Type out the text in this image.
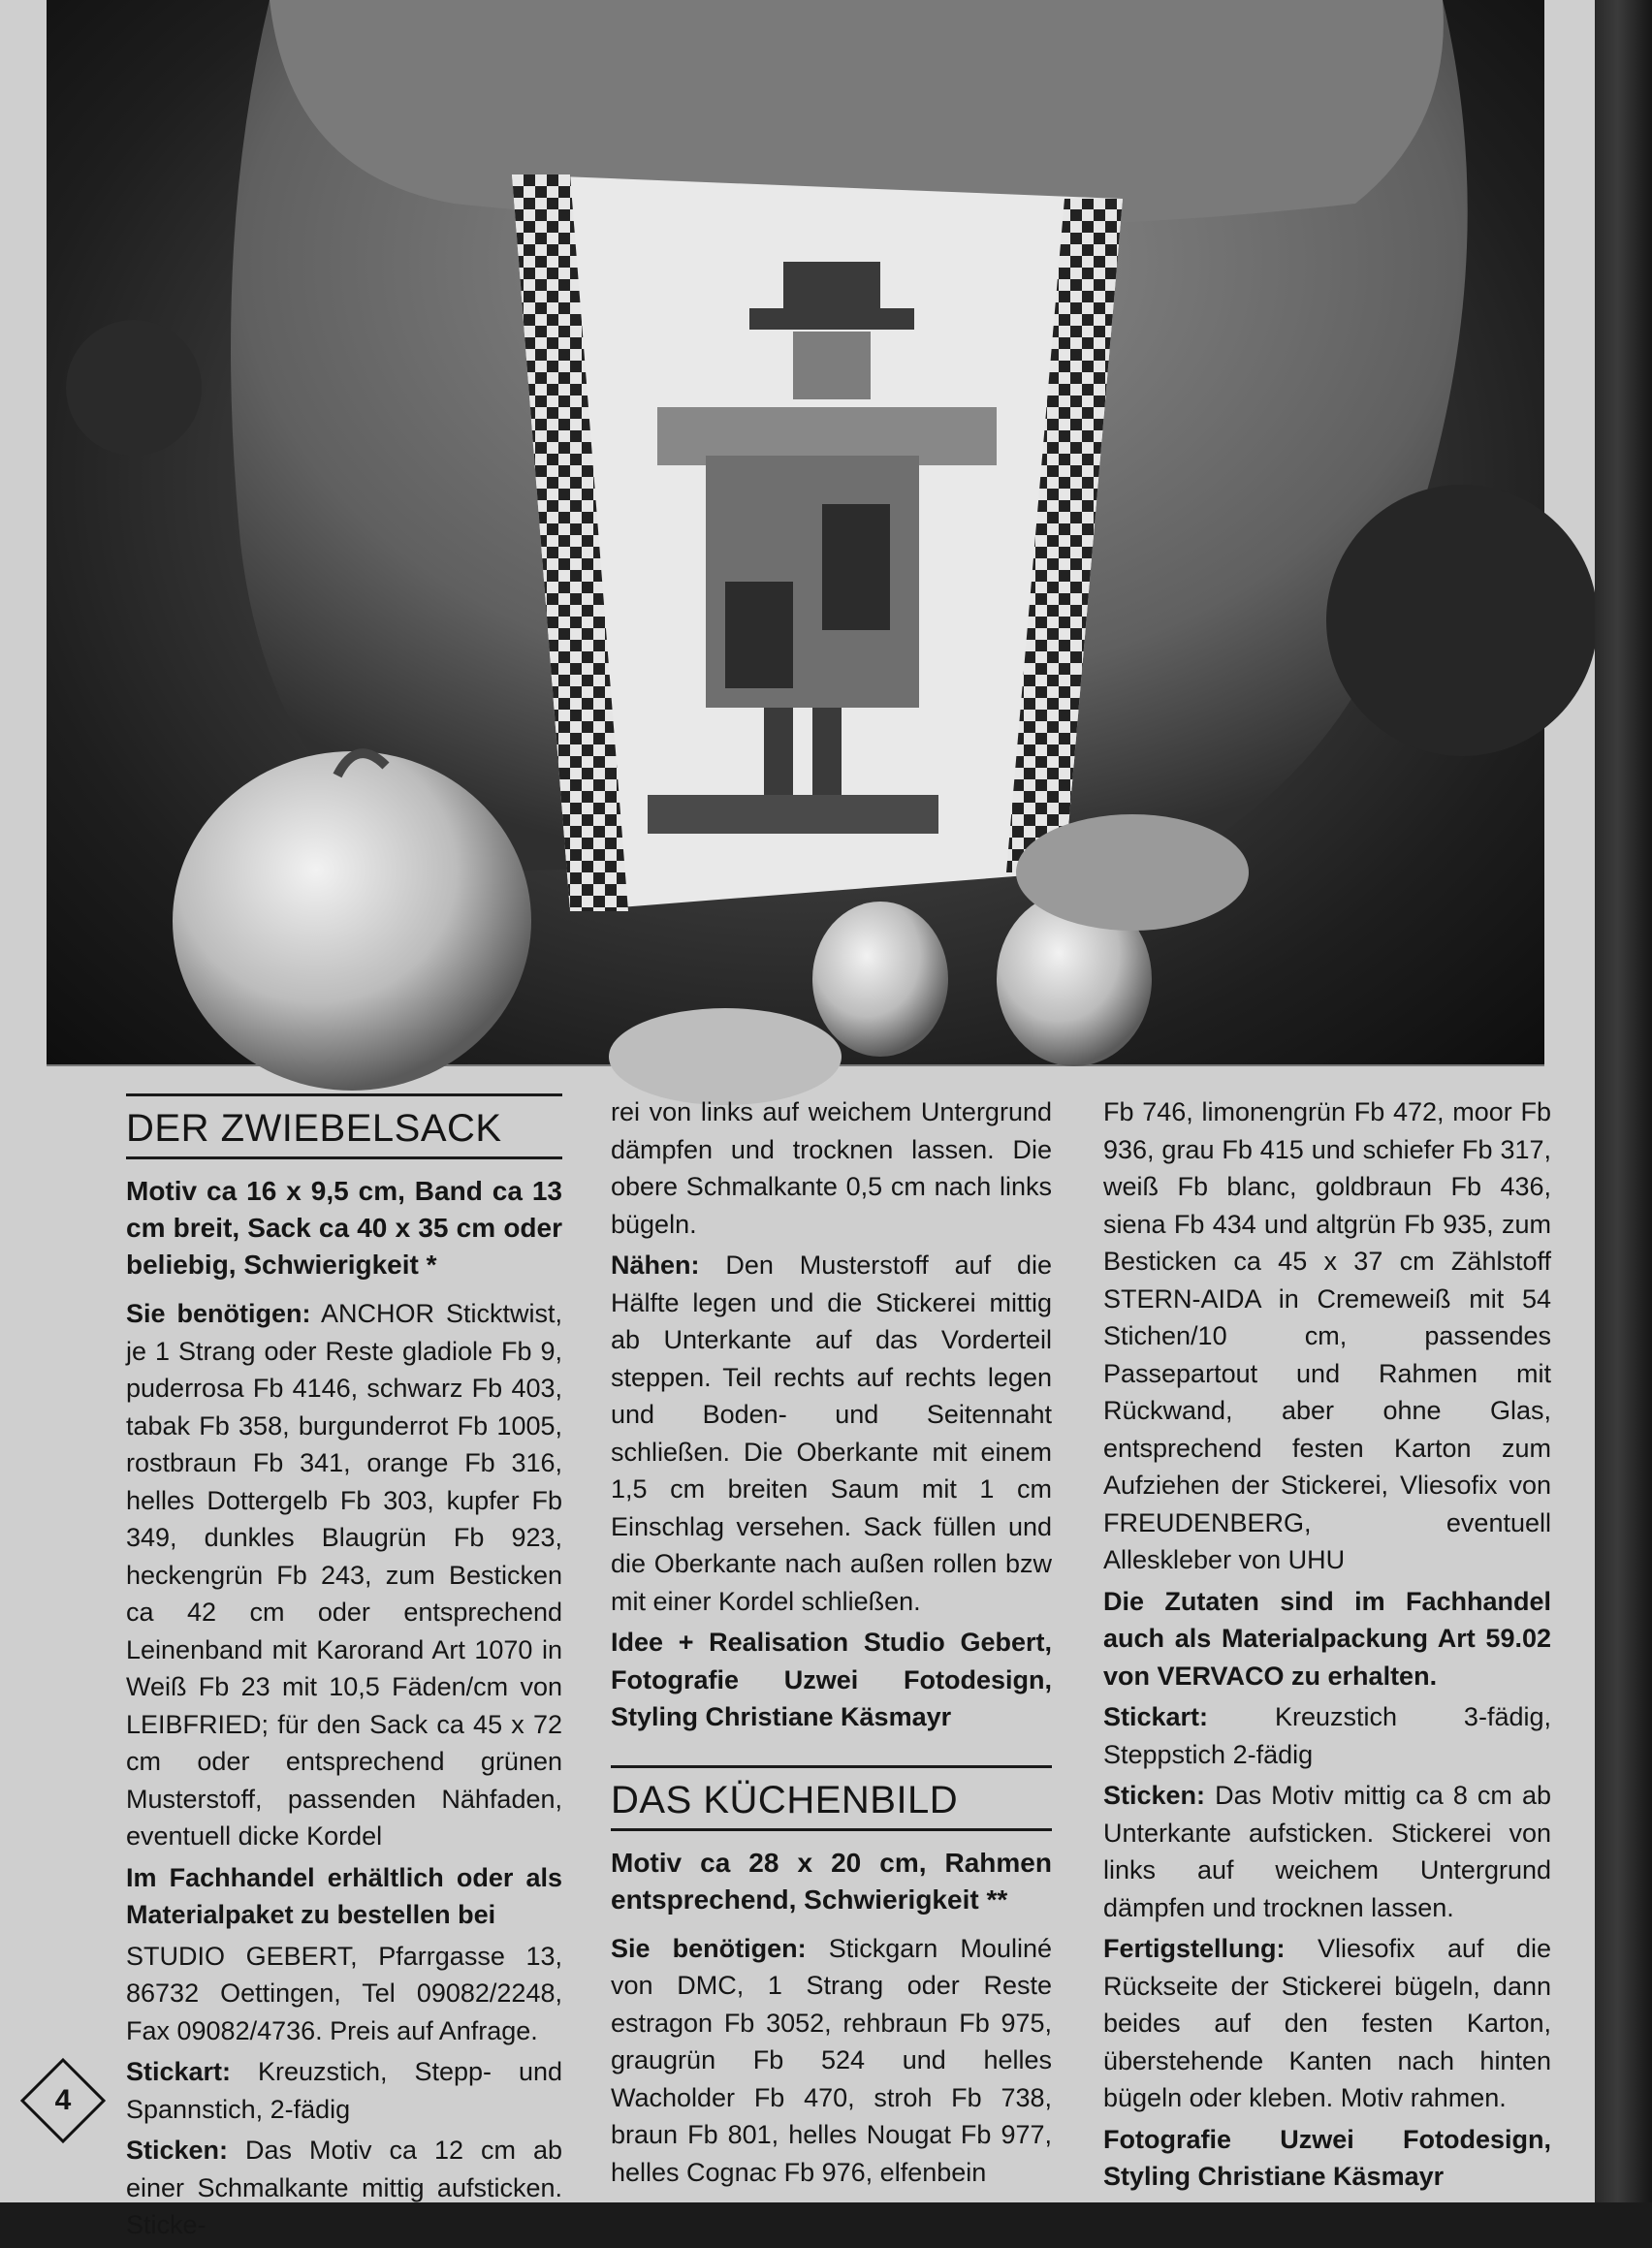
DER ZWIEBELSACK

Motiv ca 16 x 9,5 cm, Band ca 13 cm breit, Sack ca 40 x 35 cm oder beliebig, Schwierigkeit *

Sie benötigen: ANCHOR Sticktwist, je 1 Strang oder Reste gladiole Fb 9, puderrosa Fb 4146, schwarz Fb 403, tabak Fb 358, burgunderrot Fb 1005, rostbraun Fb 341, orange Fb 316, helles Dottergelb Fb 303, kupfer Fb 349, dunkles Blaugrün Fb 923, heckengrün Fb 243, zum Besticken ca 42 cm oder entsprechend Leinenband mit Karorand Art 1070 in Weiß Fb 23 mit 10,5 Fäden/cm von LEIBFRIED; für den Sack ca 45 x 72 cm oder entsprechend grünen Musterstoff, passenden Nähfaden, eventuell dicke Kordel

Im Fachhandel erhältlich oder als Materialpaket zu bestellen bei

STUDIO GEBERT, Pfarrgasse 13, 86732 Oettingen, Tel 09082/2248, Fax 09082/4736. Preis auf Anfrage.

Stickart: Kreuzstich, Stepp- und Spannstich, 2-fädig

Sticken: Das Motiv ca 12 cm ab einer Schmalkante mittig aufsticken. Sticke-

rei von links auf weichem Untergrund dämpfen und trocknen lassen. Die obere Schmalkante 0,5 cm nach links bügeln.

Nähen: Den Musterstoff auf die Hälfte legen und die Stickerei mittig ab Unterkante auf das Vorderteil steppen. Teil rechts auf rechts legen und Boden- und Seitennaht schließen. Die Oberkante mit einem 1,5 cm breiten Saum mit 1 cm Einschlag versehen. Sack füllen und die Oberkante nach außen rollen bzw mit einer Kordel schließen.

Idee + Realisation Studio Gebert, Fotografie Uzwei Fotodesign, Styling Christiane Käsmayr

DAS KÜCHENBILD

Motiv ca 28 x 20 cm, Rahmen entsprechend, Schwierigkeit **

Sie benötigen: Stickgarn Mouliné von DMC, 1 Strang oder Reste estragon Fb 3052, rehbraun Fb 975, graugrün Fb 524 und helles Wacholder Fb 470, stroh Fb 738, braun Fb 801, helles Nougat Fb 977, helles Cognac Fb 976, elfenbein

Fb 746, limonengrün Fb 472, moor Fb 936, grau Fb 415 und schiefer Fb 317, weiß Fb blanc, goldbraun Fb 436, siena Fb 434 und altgrün Fb 935, zum Besticken ca 45 x 37 cm Zählstoff STERN-AIDA in Cremeweiß mit 54 Stichen/10 cm, passendes Passepartout und Rahmen mit Rückwand, aber ohne Glas, entsprechend festen Karton zum Aufziehen der Stickerei, Vliesofix von FREUDENBERG, eventuell Alleskleber von UHU

Die Zutaten sind im Fachhandel auch als Materialpackung Art 59.02 von VERVACO zu erhalten.

Stickart:	Kreuzstich 3-fädig, Steppstich 2-fädig

Sticken: Das Motiv mittig ca 8 cm ab Unterkante aufsticken. Stickerei von links auf weichem Untergrund dämpfen und trocknen lassen.

Fertigstellung: Vliesofix auf die Rückseite der Stickerei bügeln, dann beides auf den festen Karton, überstehende Kanten nach hinten bügeln oder kleben. Motiv rahmen.

Fotografie Uzwei Fotodesign, Styling Christiane Käsmayr

4
